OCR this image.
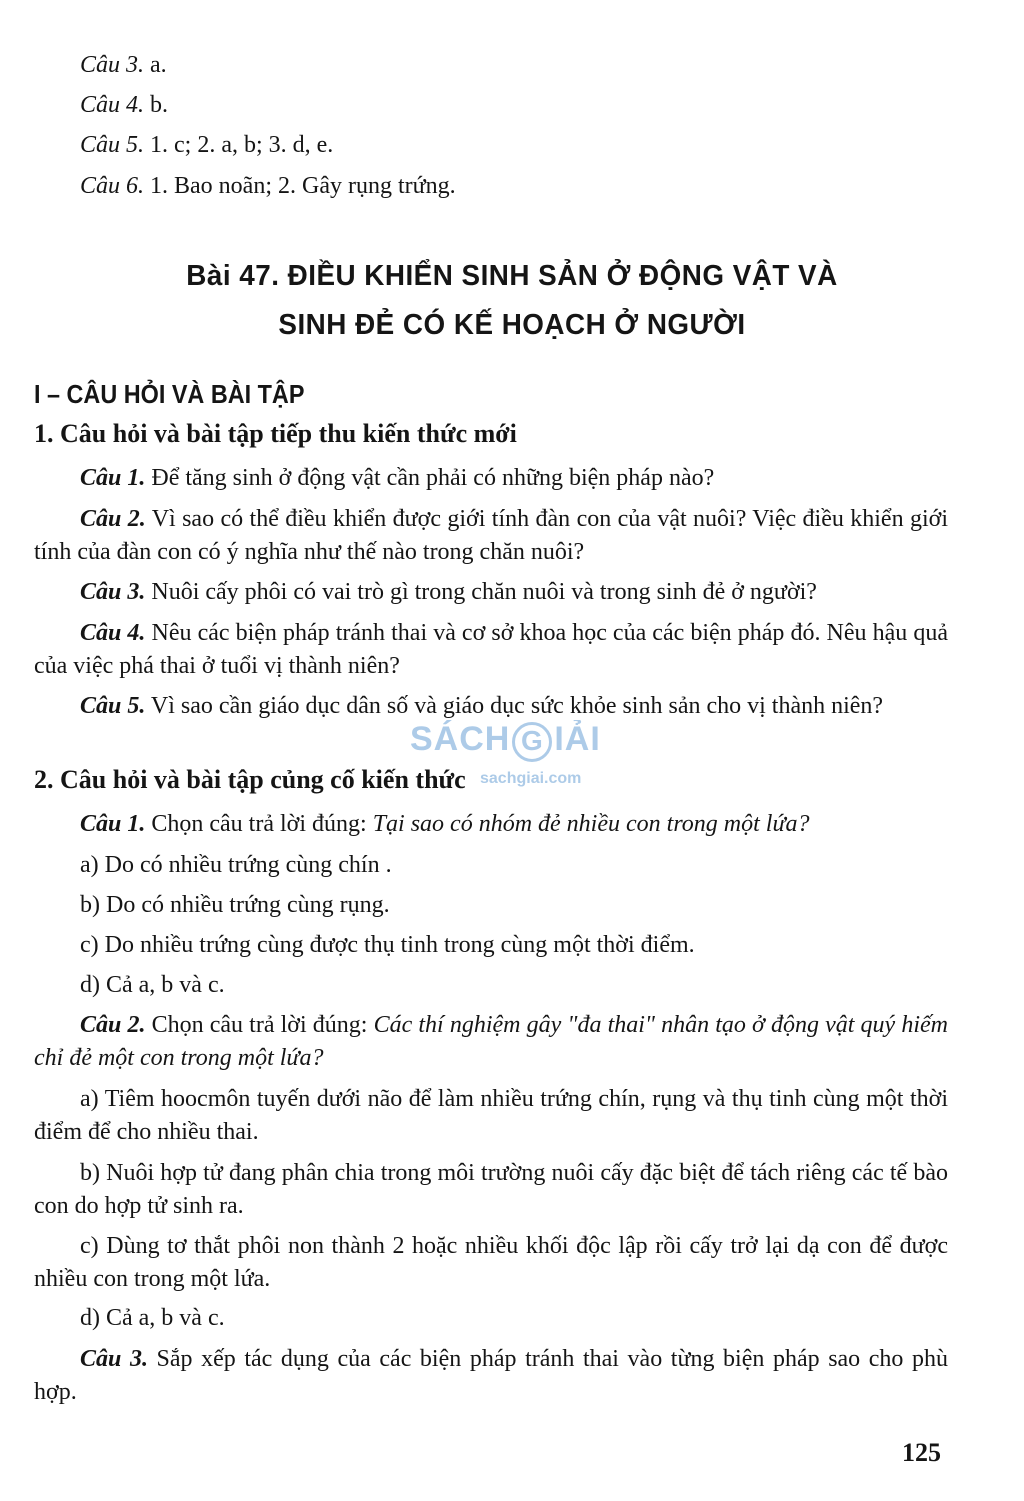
Câu 3. a.
Câu 4. b.
Câu 5. 1. c; 2. a, b; 3. d, e.
Câu 6. 1. Bao noãn; 2. Gây rụng trứng.
Bài 47. ĐIỀU KHIỂN SINH SẢN Ở ĐỘNG VẬT VÀ
SINH ĐẺ CÓ KẾ HOẠCH Ở NGƯỜI
I – CÂU HỎI VÀ BÀI TẬP
1. Câu hỏi và bài tập tiếp thu kiến thức mới
Câu 1. Để tăng sinh ở động vật cần phải có những biện pháp nào?
Câu 2. Vì sao có thể điều khiển được giới tính đàn con của vật nuôi? Việc điều khiển giới tính của đàn con có ý nghĩa như thế nào trong chăn nuôi?
Câu 3. Nuôi cấy phôi có vai trò gì trong chăn nuôi và trong sinh đẻ ở người?
Câu 4. Nêu các biện pháp tránh thai và cơ sở khoa học của các biện pháp đó. Nêu hậu quả của việc phá thai ở tuổi vị thành niên?
Câu 5. Vì sao cần giáo dục dân số và giáo dục sức khỏe sinh sản cho vị thành niên?
2. Câu hỏi và bài tập củng cố kiến thức
Câu 1. Chọn câu trả lời đúng: Tại sao có nhóm đẻ nhiều con trong một lứa?
a) Do có nhiều trứng cùng chín .
b) Do có nhiều trứng cùng rụng.
c) Do nhiều trứng cùng được thụ tinh trong cùng một thời điểm.
d) Cả a, b và c.
Câu 2. Chọn câu trả lời đúng: Các thí nghiệm gây "đa thai" nhân tạo ở động vật quý hiếm chỉ đẻ một con trong một lứa?
a) Tiêm hoocmôn tuyến dưới não để làm nhiều trứng chín, rụng và thụ tinh cùng một thời điểm để cho nhiều thai.
b) Nuôi hợp tử đang phân chia trong môi trường nuôi cấy đặc biệt để tách riêng các tế bào con do hợp tử sinh ra.
c) Dùng tơ thắt phôi non thành 2 hoặc nhiều khối độc lập rồi cấy trở lại dạ con để được nhiều con trong một lứa.
d) Cả a, b và c.
Câu 3. Sắp xếp tác dụng của các biện pháp tránh thai vào từng biện pháp sao cho phù hợp.
SÁCH G IẢI
sachgiai.com
125
